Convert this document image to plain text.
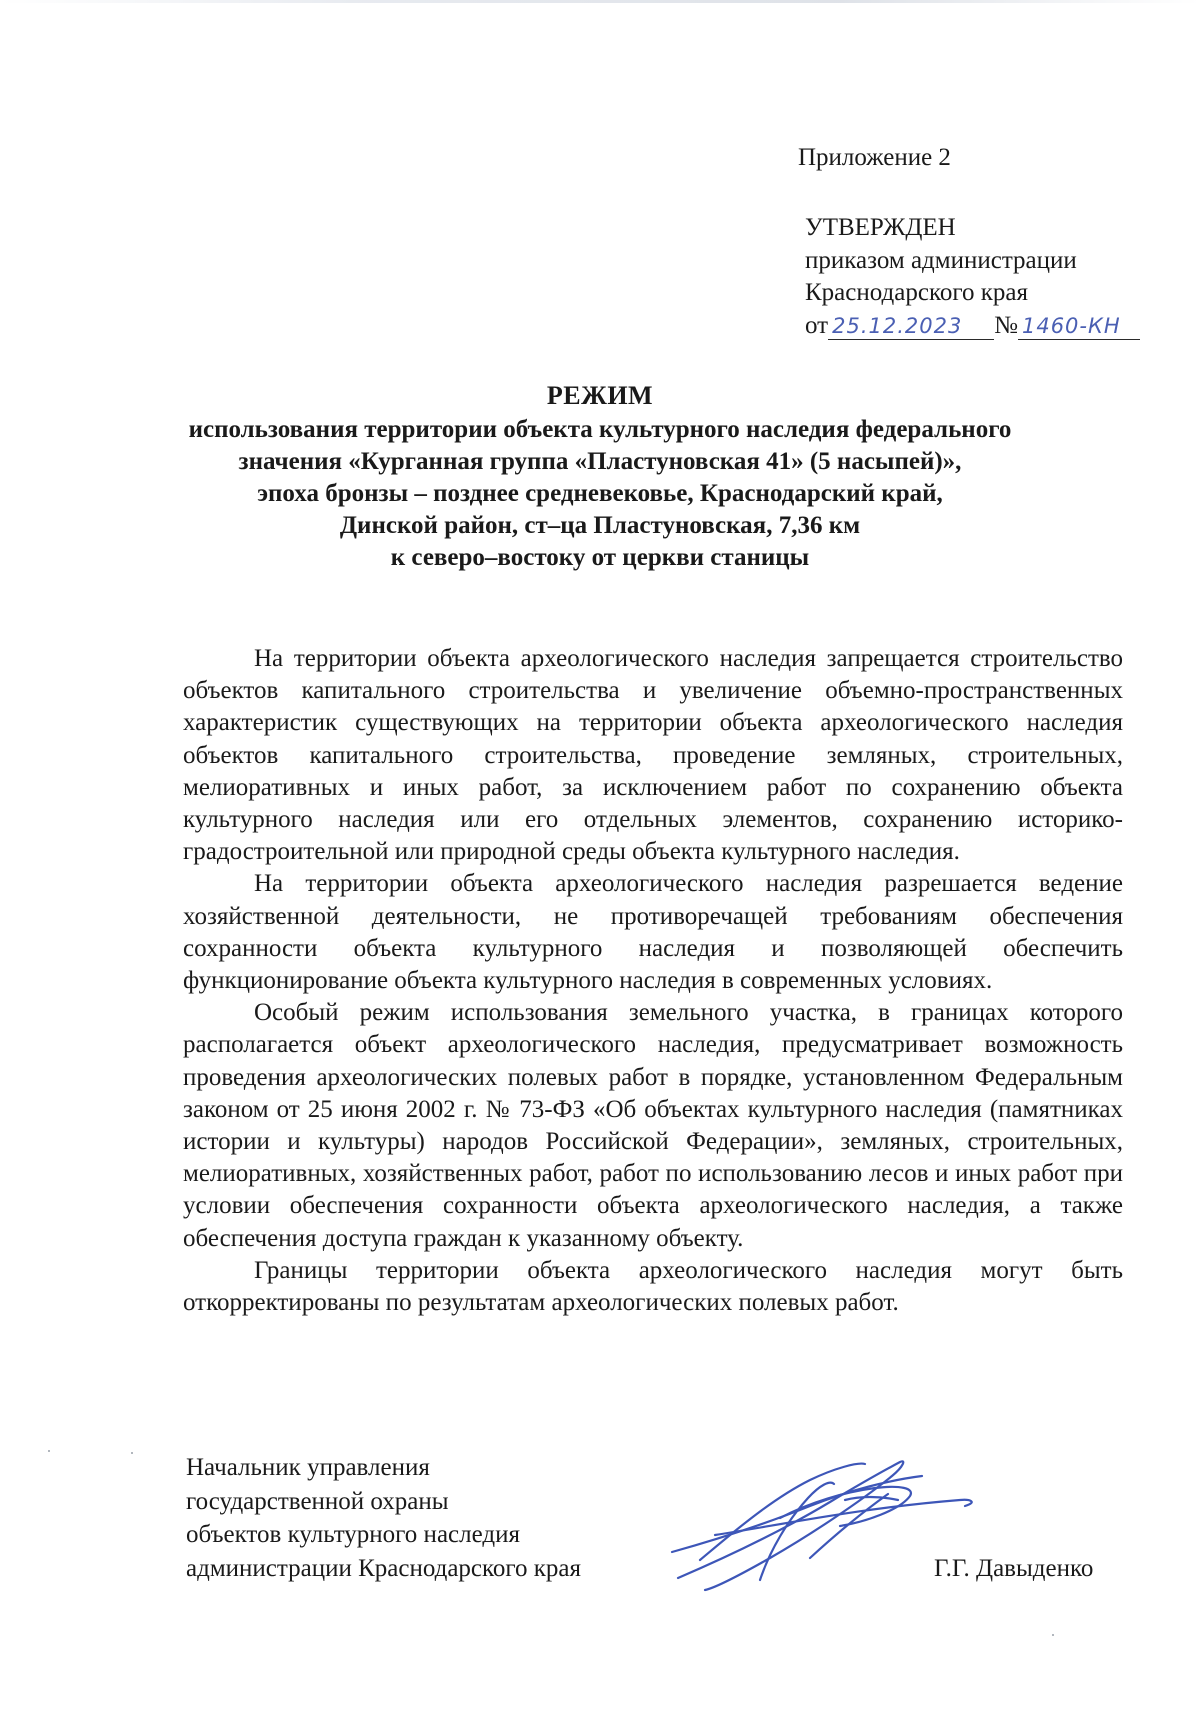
Приложение 2
УТВЕРЖДЕН
приказом администрации
Краснодарского края
от 25.12.2023 № 1460-КН
РЕЖИМ
использования территории объекта культурного наследия федерального
значения «Курганная группа «Пластуновская 41» (5 насыпей)»,
эпоха бронзы – позднее средневековье, Краснодарский край,
Динской район, ст–ца Пластуновская, 7,36 км
к северо–востоку от церкви станицы

На территории объекта археологического наследия запрещается строительство объектов капитального строительства и увеличение объемно-пространственных характеристик существующих на территории объекта археологического наследия объектов капитального строительства, проведение земляных, строительных, мелиоративных и иных работ, за исключением работ по сохранению объекта культурного наследия или его отдельных элементов, сохранению историко-градостроительной или природной среды объекта культурного наследия.

На территории объекта археологического наследия разрешается ведение хозяйственной деятельности, не противоречащей требованиям обеспечения сохранности объекта культурного наследия и позволяющей обеспечить функционирование объекта культурного наследия в современных условиях.

Особый режим использования земельного участка, в границах которого располагается объект археологического наследия, предусматривает возможность проведения археологических полевых работ в порядке, установленном Федеральным законом от 25 июня 2002 г. № 73-ФЗ «Об объектах культурного наследия (памятниках истории и культуры) народов Российской Федерации», земляных, строительных, мелиоративных, хозяйственных работ, работ по использованию лесов и иных работ при условии обеспечения сохранности объекта археологического наследия, а также обеспечения доступа граждан к указанному объекту.

Границы территории объекта археологического наследия могут быть откорректированы по результатам археологических полевых работ.

Начальник управления
государственной охраны
объектов культурного наследия
администрации Краснодарского края	Г.Г. Давыденко
